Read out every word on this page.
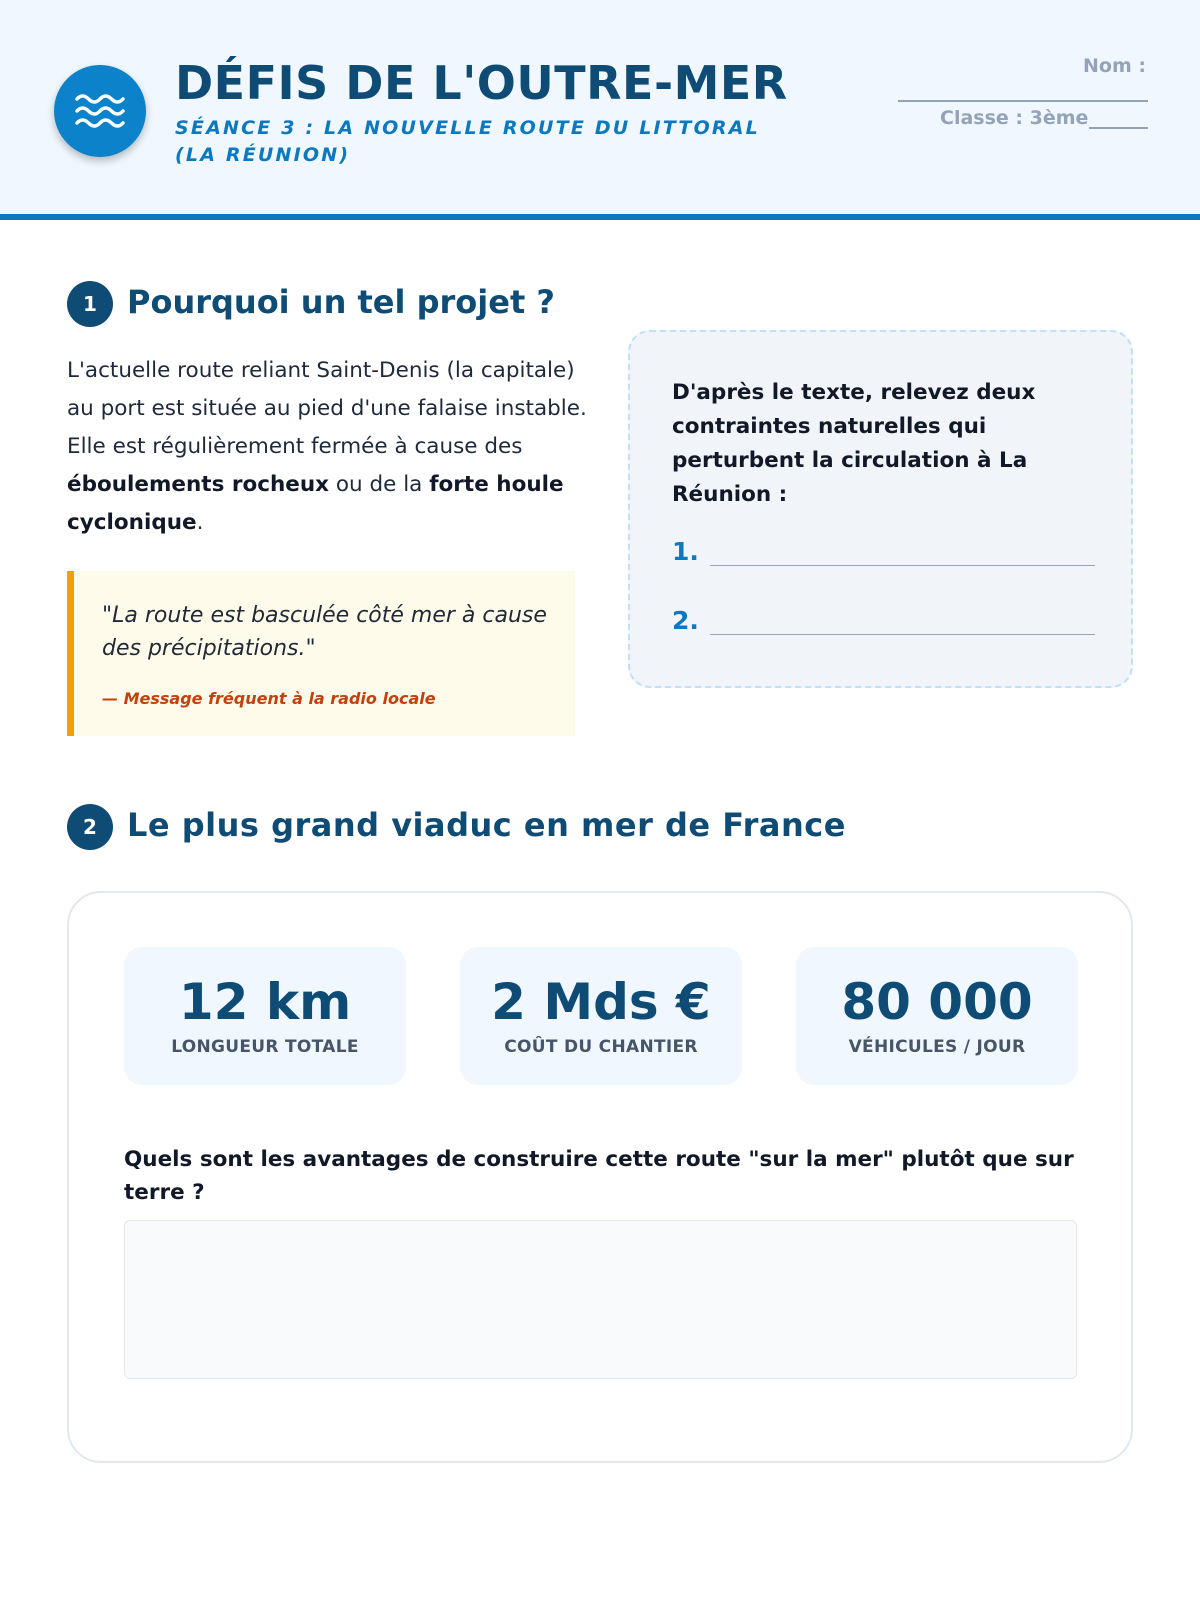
DÉFIS DE L'OUTRE-MER
SÉANCE 3 : LA NOUVELLE ROUTE DU LITTORAL (LA RÉUNION)
Nom :
Classe : 3ème
1 Pourquoi un tel projet ?
L'actuelle route reliant Saint-Denis (la capitale) au port est située au pied d'une falaise instable. Elle est régulièrement fermée à cause des éboulements rocheux ou de la forte houle cyclonique.
"La route est basculée côté mer à cause des précipitations."
— Message fréquent à la radio locale
D'après le texte, relevez deux contraintes naturelles qui perturbent la circulation à La Réunion :
1.
2.
2 Le plus grand viaduc en mer de France
12 km
LONGUEUR TOTALE
2 Mds €
COÛT DU CHANTIER
80 000
VÉHICULES / JOUR
Quels sont les avantages de construire cette route "sur la mer" plutôt que sur terre ?
